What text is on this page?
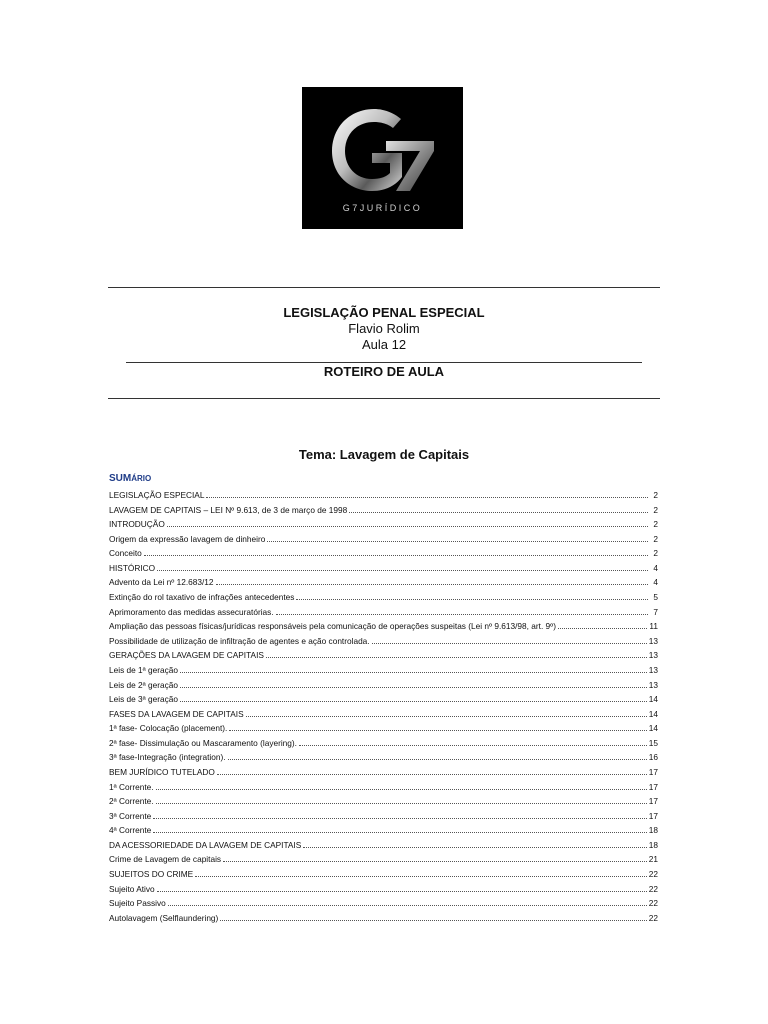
G7JURÍDICO
LEGISLAÇÃO PENAL ESPECIAL
Flavio Rolim
Aula 12
ROTEIRO DE AULA
Tema: Lavagem de Capitais
SUMÁRIO
LEGISLAÇÃO ESPECIAL	2
LAVAGEM DE CAPITAIS – LEI Nº 9.613, de 3 de março de 1998	2
INTRODUÇÃO	2
Origem da expressão lavagem de dinheiro	2
Conceito	2
HISTÓRICO	4
Advento da Lei nº 12.683/12	4
Extinção do rol taxativo de infrações antecedentes	5
Aprimoramento das medidas assecuratórias.	7
Ampliação das pessoas físicas/jurídicas responsáveis pela comunicação de operações suspeitas (Lei nº 9.613/98, art. 9º)	11
Possibilidade de utilização de infiltração de agentes e ação controlada.	13
GERAÇÕES DA LAVAGEM DE CAPITAIS	13
Leis de 1ª geração	13
Leis de 2ª geração	13
Leis de 3ª geração	14
FASES DA LAVAGEM DE CAPITAIS	14
1ª fase- Colocação (placement).	14
2ª fase- Dissimulação ou Mascaramento (layering).	15
3ª fase-Integração (integration).	16
BEM JURÍDICO TUTELADO	17
1ª Corrente.	17
2ª Corrente.	17
3ª Corrente	17
4ª Corrente	18
DA ACESSORIEDADE DA LAVAGEM DE CAPITAIS	18
Crime de Lavagem de capitais	21
SUJEITOS DO CRIME	22
Sujeito Ativo	22
Sujeito Passivo	22
Autolavagem (Selflaundering)	22
